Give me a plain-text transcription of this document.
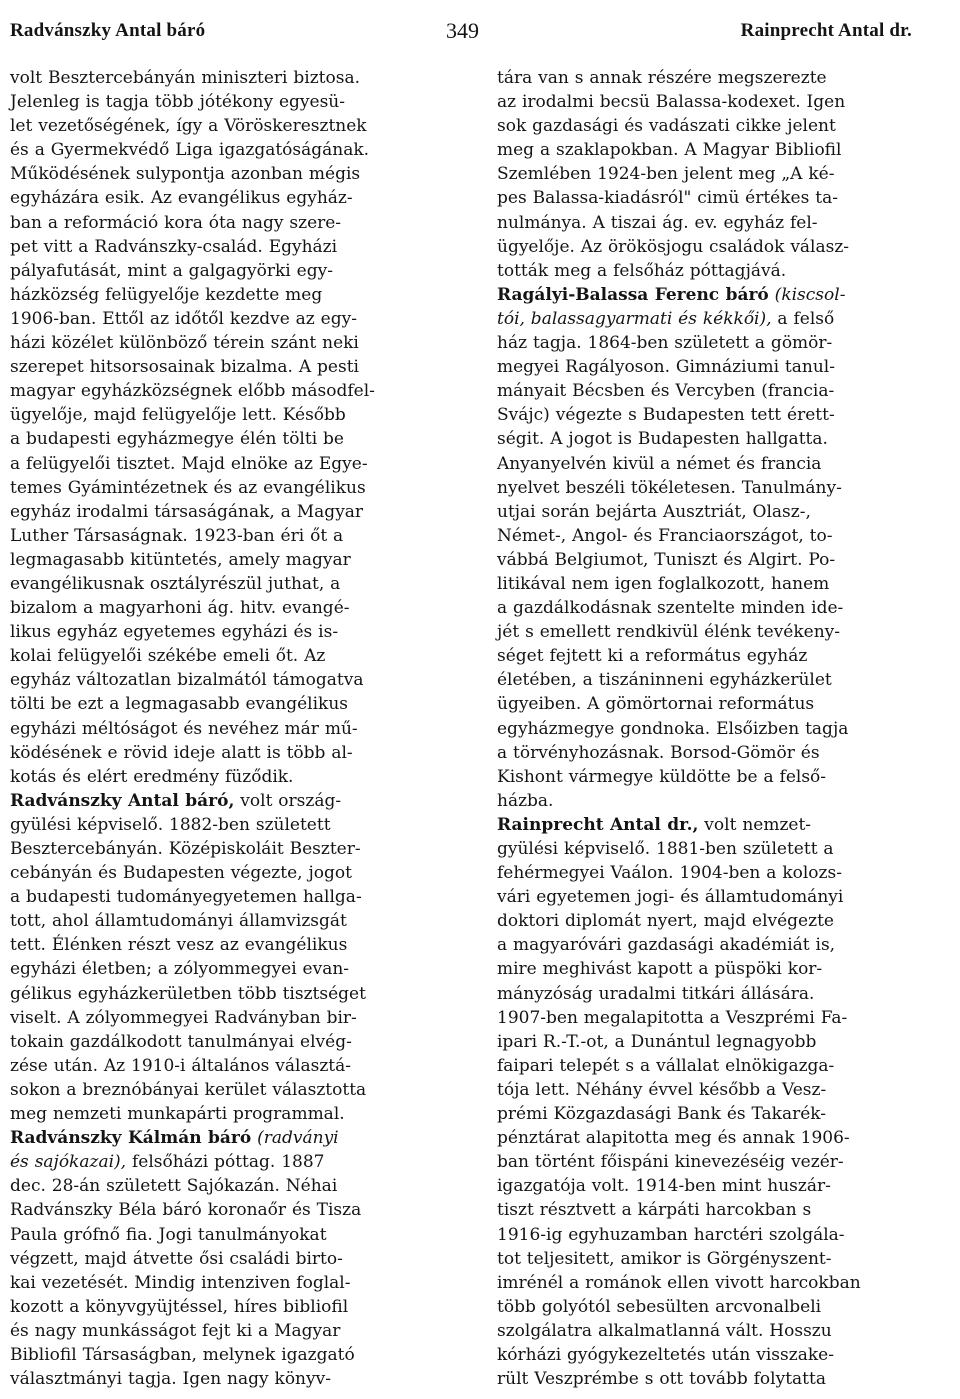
Radvánszky Antal báró	349	Rainprecht Antal dr.
volt Besztercebányán miniszteri biztosa.
Jelenleg is tagja több jótékony egyesü-
let vezetőségének, így a Vöröskeresztnek
és a Gyermekvédő Liga igazgatóságának.
Működésének sulypontja azonban mégis
egyházára esik. Az evangélikus egyház-
ban a reformáció kora óta nagy szere-
pet vitt a Radvánszky-család. Egyházi
pályafutását, mint a galgagyörki egy-
házközség felügyelője kezdette meg
1906-ban. Ettől az időtől kezdve az egy-
házi közélet különböző térein szánt neki
szerepet hitsorsosainak bizalma. A pesti
magyar egyházközségnek előbb másodfel-
ügyelője, majd felügyelője lett. Később
a budapesti egyházmegye élén tölti be
a felügyelői tisztet. Majd elnöke az Egye-
temes Gyámintézetnek és az evangélikus
egyház irodalmi társaságának, a Magyar
Luther Társaságnak. 1923-ban éri őt a
legmagasabb kitüntetés, amely magyar
evangélikusnak osztályrészül juthat, a
bizalom a magyarhoni ág. hitv. evangé-
likus egyház egyetemes egyházi és is-
kolai felügyelői székébe emeli őt. Az
egyház változatlan bizalmától támogatva
tölti be ezt a legmagasabb evangélikus
egyházi méltóságot és nevéhez már mű-
ködésének e rövid ideje alatt is több al-
kotás és elért eredmény füződik.
Radvánszky Antal báró, volt ország-
gyülési képviselő. 1882-ben született
Besztercebányán. Középiskoláit Beszter-
cebányán és Budapesten végezte, jogot
a budapesti tudományegyetemen hallga-
tott, ahol államtudományi államvizsgát
tett. Élénken részt vesz az evangélikus
egyházi életben; a zólyommegyei evan-
gélikus egyházkerületben több tisztséget
viselt. A zólyommegyei Radványban bir-
tokain gazdálkodott tanulmányai elvég-
zése után. Az 1910-i általános választá-
sokon a breznóbányai kerület választotta
meg nemzeti munkapárti programmal.
Radvánszky Kálmán báró (radványi
és sajókazai), felsőházi póttag. 1887
dec. 28-án született Sajókazán. Néhai
Radvánszky Béla báró koronaőr és Tisza
Paula grófnő fia. Jogi tanulmányokat
végzett, majd átvette ősi családi birto-
kai vezetését. Mindig intenziven foglal-
kozott a könyvgyüjtéssel, híres bibliofil
és nagy munkásságot fejt ki a Magyar
Bibliofil Társaságban, melynek igazgató
választmányi tagja. Igen nagy könyv-
tára van s annak részére megszerezte
az irodalmi becsü Balassa-kodexet. Igen
sok gazdasági és vadászati cikke jelent
meg a szaklapokban. A Magyar Bibliofil
Szemlében 1924-ben jelent meg „A ké-
pes Balassa-kiadásról" cimü értékes ta-
nulmánya. A tiszai ág. ev. egyház fel-
ügyelője. Az örökösjogu családok válasz-
tották meg a felsőház póttagjává.
Ragályi-Balassa Ferenc báró (kiscsol-
tói, balassagyarmati és kékkői), a felső
ház tagja. 1864-ben született a gömör-
megyei Ragályoson. Gimnáziumi tanul-
mányait Bécsben és Vercyben (francia-
Svájc) végezte s Budapesten tett érett-
ségit. A jogot is Budapesten hallgatta.
Anyanyelvén kivül a német és francia
nyelvet beszéli tökéletesen. Tanulmány-
utjai során bejárta Ausztriát, Olasz-,
Német-, Angol- és Franciaországot, to-
vábbá Belgiumot, Tuniszt és Algirt. Po-
litikával nem igen foglalkozott, hanem
a gazdálkodásnak szentelte minden ide-
jét s emellett rendkivül élénk tevékeny-
séget fejtett ki a református egyház
életében, a tiszáninneni egyházkerület
ügyeiben. A gömörtornai református
egyházmegye gondnoka. Elsőizben tagja
a törvényhozásnak. Borsod-Gömör és
Kishont vármegye küldötte be a felső-
házba.
Rainprecht Antal dr., volt nemzet-
gyülési képviselő. 1881-ben született a
fehérmegyei Vaálon. 1904-ben a kolozs-
vári egyetemen jogi- és államtudományi
doktori diplomát nyert, majd elvégezte
a magyaróvári gazdasági akadémiát is,
mire meghivást kapott a püspöki kor-
mányzóság uradalmi titkári állására.
1907-ben megalapitotta a Veszprémi Fa-
ipari R.-T.-ot, a Dunántul legnagyobb
faipari telepét s a vállalat elnökigazga-
tója lett. Néhány évvel később a Vesz-
prémi Közgazdasági Bank és Takarék-
pénztárat alapitotta meg és annak 1906-
ban történt főispáni kinevezéséig vezér-
igazgatója volt. 1914-ben mint huszár-
tiszt résztvett a kárpáti harcokban s
1916-ig egyhuzamban harctéri szolgála-
tot teljesitett, amikor is Görgényszent-
imrénél a románok ellen vivott harcokban
több golyótól sebesülten arcvonalbeli
szolgálatra alkalmatlanná vált. Hosszu
kórházi gyógykezeltetés után visszake-
rült Veszprémbe s ott tovább folytatta
